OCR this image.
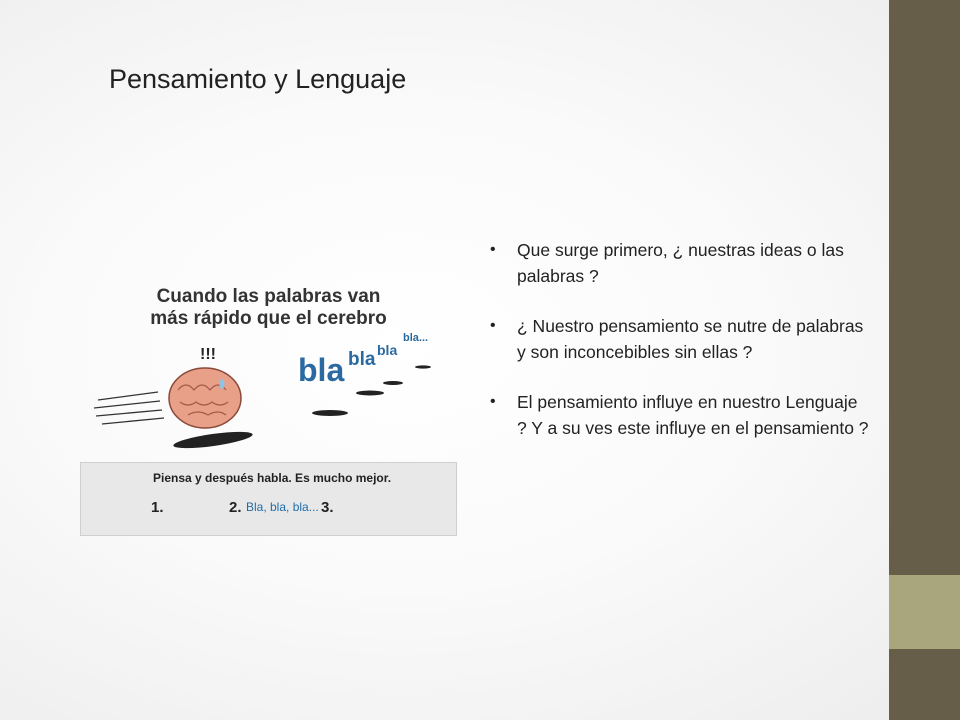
Pensamiento y Lenguaje
Cuando las palabras van
más rápido que el cerebro
!!!	bla bla bla
bla...
Piensa y después habla. Es mucho mejor.
1.	2. Bla, bla, bla... 3.
• Que surge primero, ¿ nuestras ideas o las palabras ?
• ¿ Nuestro pensamiento se nutre de palabras y son inconcebibles sin ellas ?
• El pensamiento influye en nuestro Lenguaje ? Y a su ves este influye en el pensamiento ?
